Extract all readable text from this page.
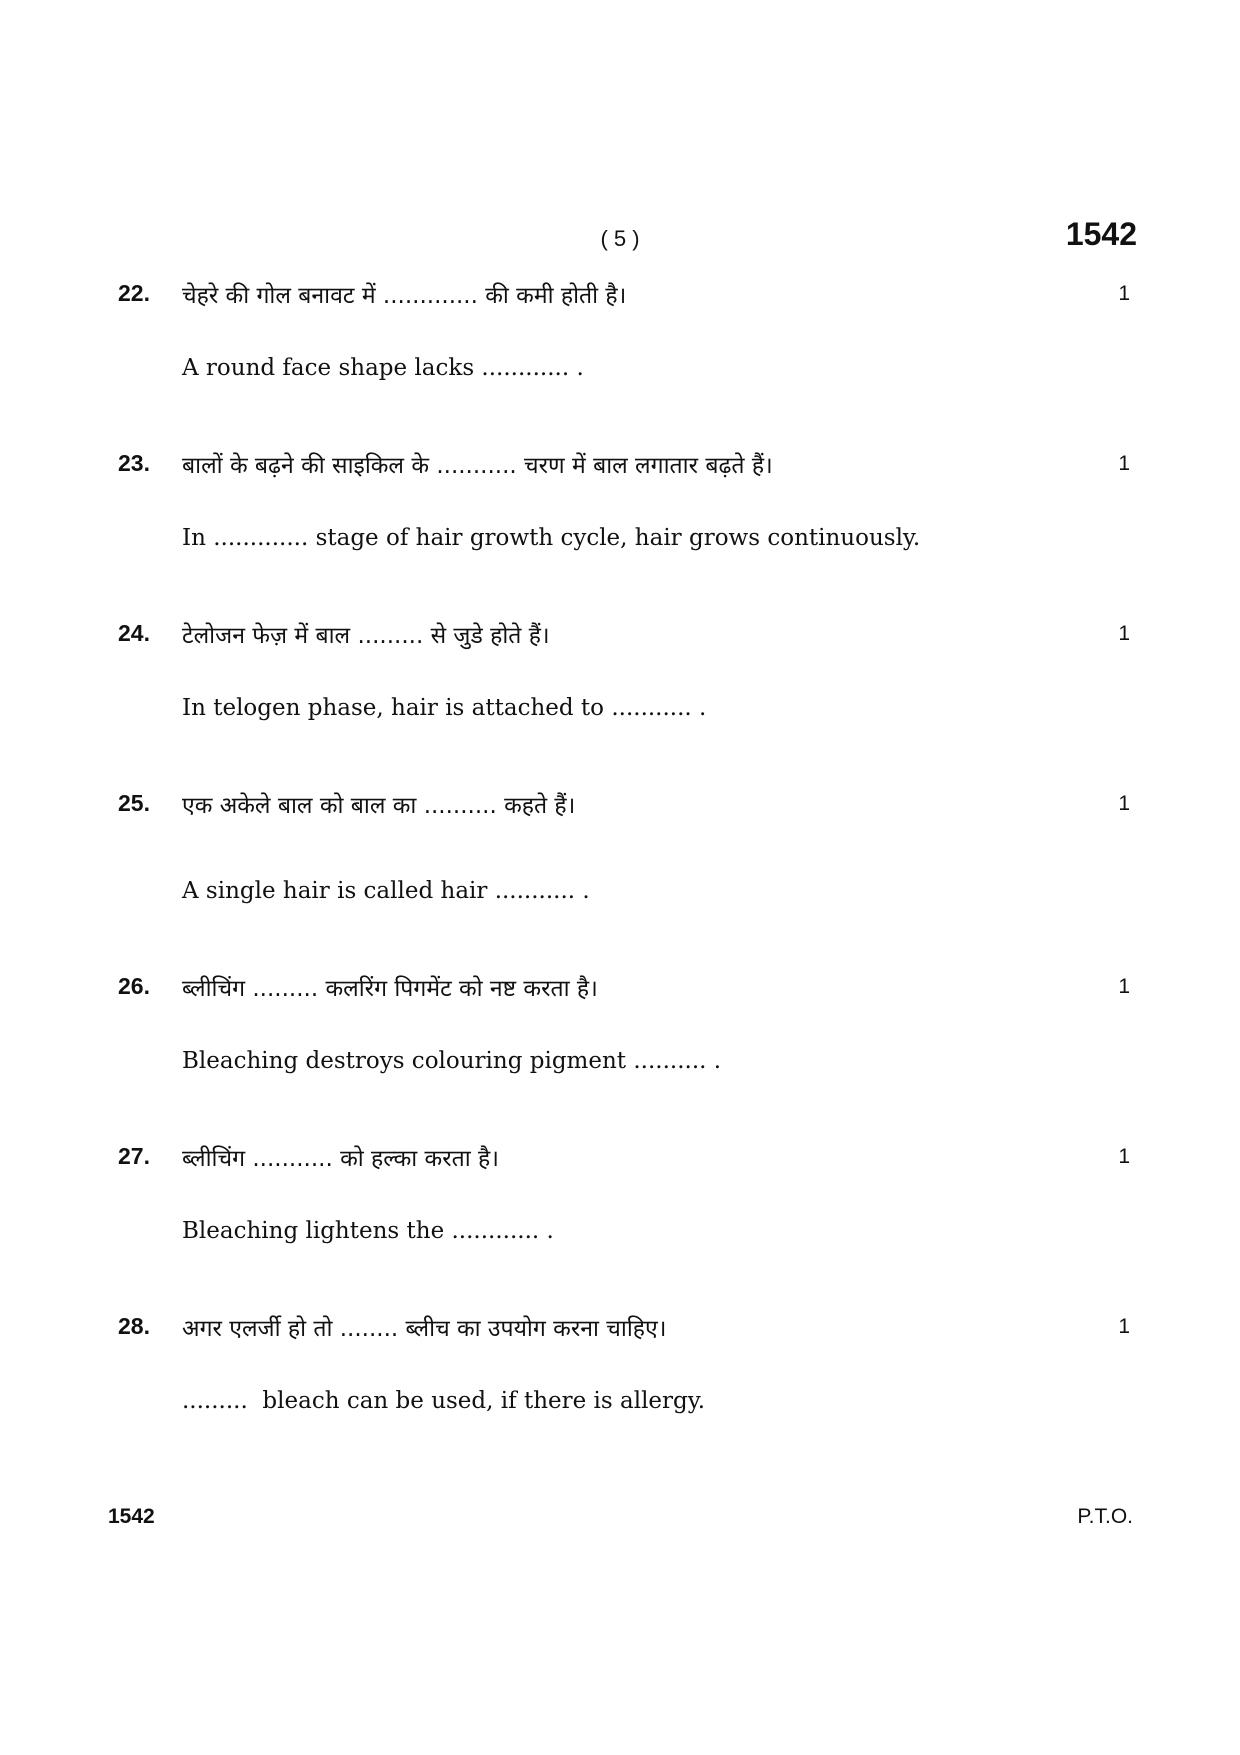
( 5 )	1542
22. चेहरे की गोल बनावट में ............. की कमी होती है।	1
A round face shape lacks ............ .
23. बालों के बढ़ने की साइकिल के ........... चरण में बाल लगातार बढ़ते हैं।	1
In ............. stage of hair growth cycle, hair grows continuously.
24. टेलोजन फेज़ में बाल ......... से जुडे होते हैं।	1
In telogen phase, hair is attached to ........... .
25. एक अकेले बाल को बाल का .......... कहते हैं।	1
A single hair is called hair ........... .
26. ब्लीचिंग ......... कलरिंग पिगमेंट को नष्ट करता है।	1
Bleaching destroys colouring pigment .......... .
27. ब्लीचिंग ........... को हल्का करता है।	1
Bleaching lightens the ............ .
28. अगर एलर्जी हो तो ........ ब्लीच का उपयोग करना चाहिए।	1
.........  bleach can be used, if there is allergy.
1542	P.T.O.
